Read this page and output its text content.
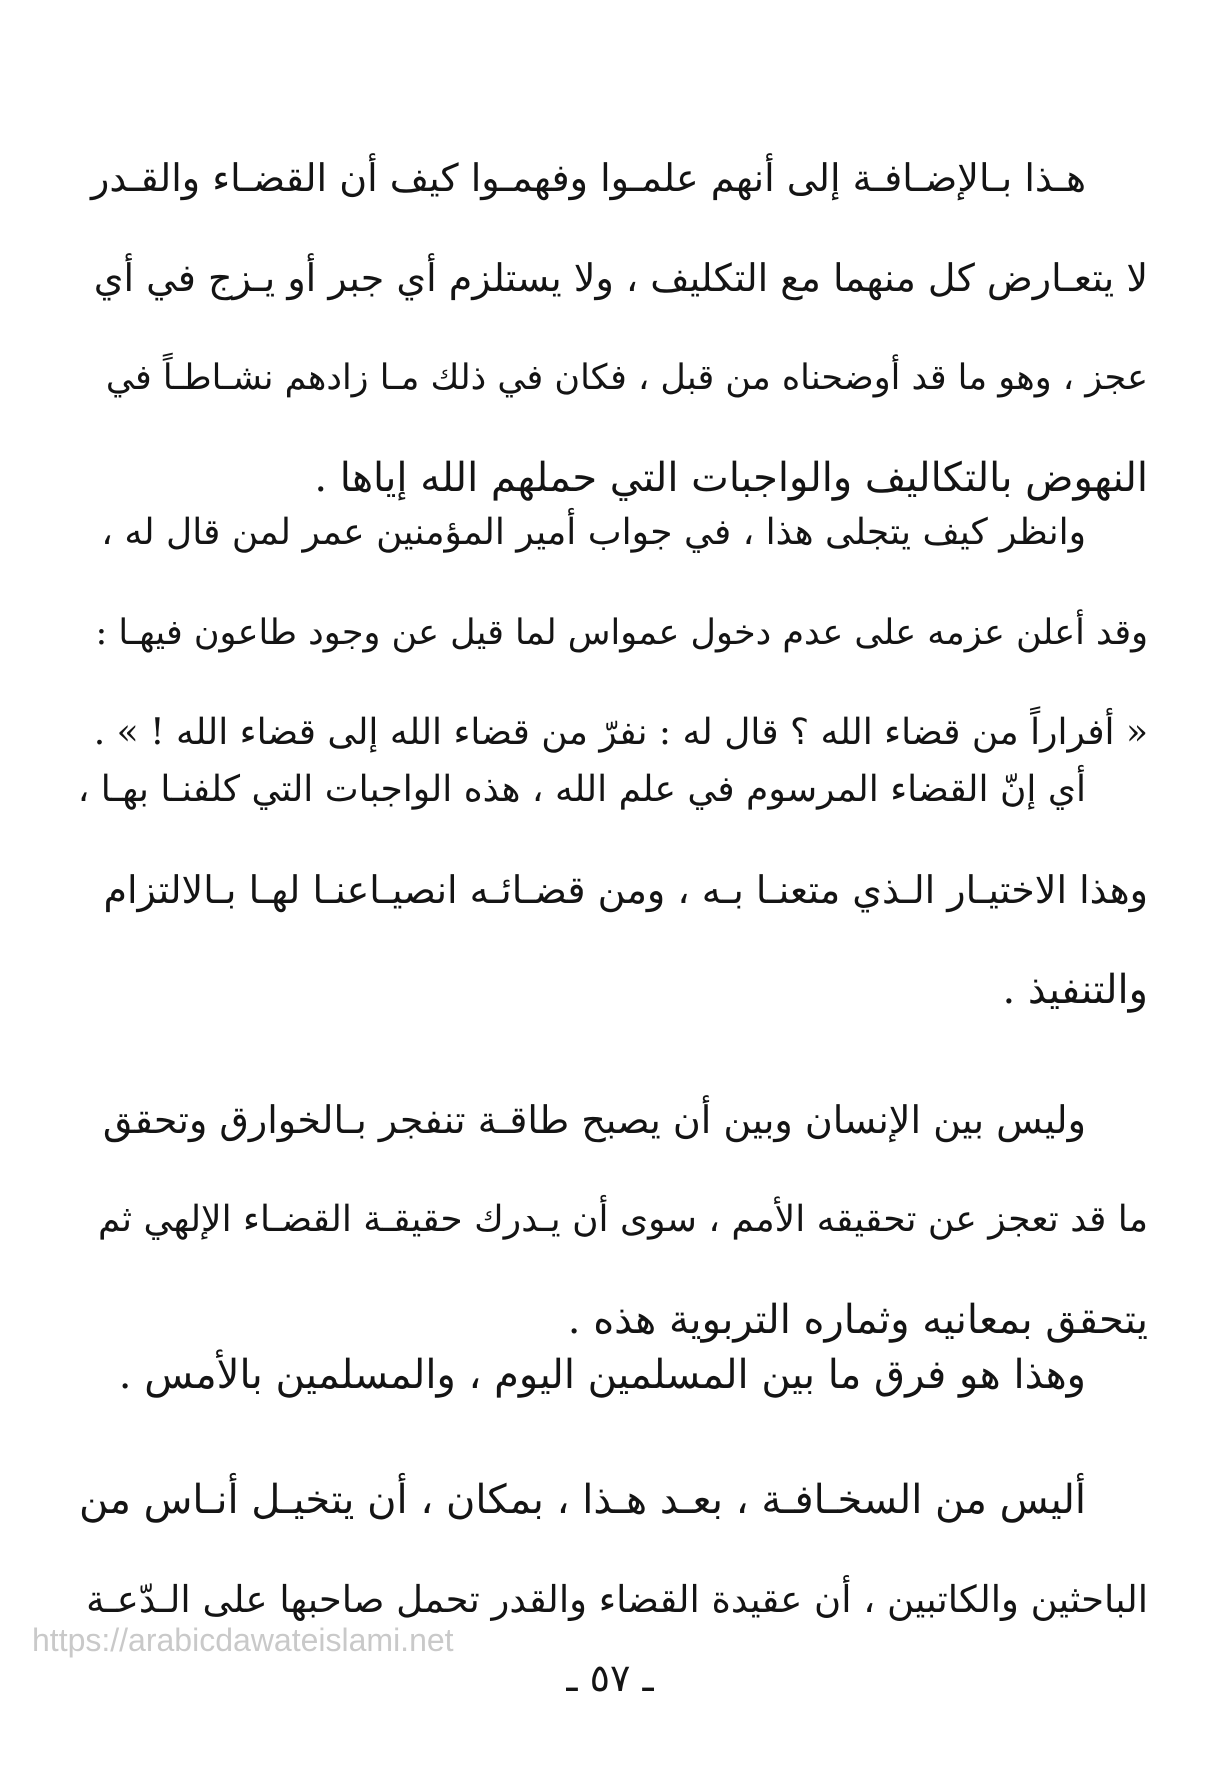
هـذا بـالإضـافـة إلى أنهم علمـوا وفهمـوا كيف أن القضـاء والقـدر
لا يتعـارض كل منهما مع التكليف ، ولا يستلزم أي جبر أو يـزج في أي
عجز ، وهو ما قد أوضحناه من قبل ، فكان في ذلك مـا زادهم نشـاطـاً في
النهوض بالتكاليف والواجبات التي حملهم الله إياها .
وانظر كيف يتجلى هذا ، في جواب أمير المؤمنين عمر لمن قال له ،
وقد أعلن عزمه على عدم دخول عمواس لما قيل عن وجود طاعون فيهـا :
« أفراراً من قضاء الله ؟ قال له : نفرّ من قضاء الله إلى قضاء الله ! » .
أي إنّ القضاء المرسوم في علم الله ، هذه الواجبات التي كلفنـا بهـا ،
وهذا الاختيـار الـذي متعنـا بـه ، ومن قضـائـه انصيـاعنـا لهـا بـالالتزام
والتنفيذ .
وليس بين الإنسان وبين أن يصبح طاقـة تنفجر بـالخوارق وتحقق
ما قد تعجز عن تحقيقه الأمم ، سوى أن يـدرك حقيقـة القضـاء الإلهي ثم
يتحقق بمعانيه وثماره التربوية هذه .
وهذا هو فرق ما بين المسلمين اليوم ، والمسلمين بالأمس .
أليس من السخـافـة ، بعـد هـذا ، بمكان ، أن يتخيـل أنـاس من
الباحثين والكاتبين ، أن عقيدة القضاء والقدر تحمل صاحبها على الـدّعـة
https://arabicdawateislami.net
ـ ٥٧ ـ
